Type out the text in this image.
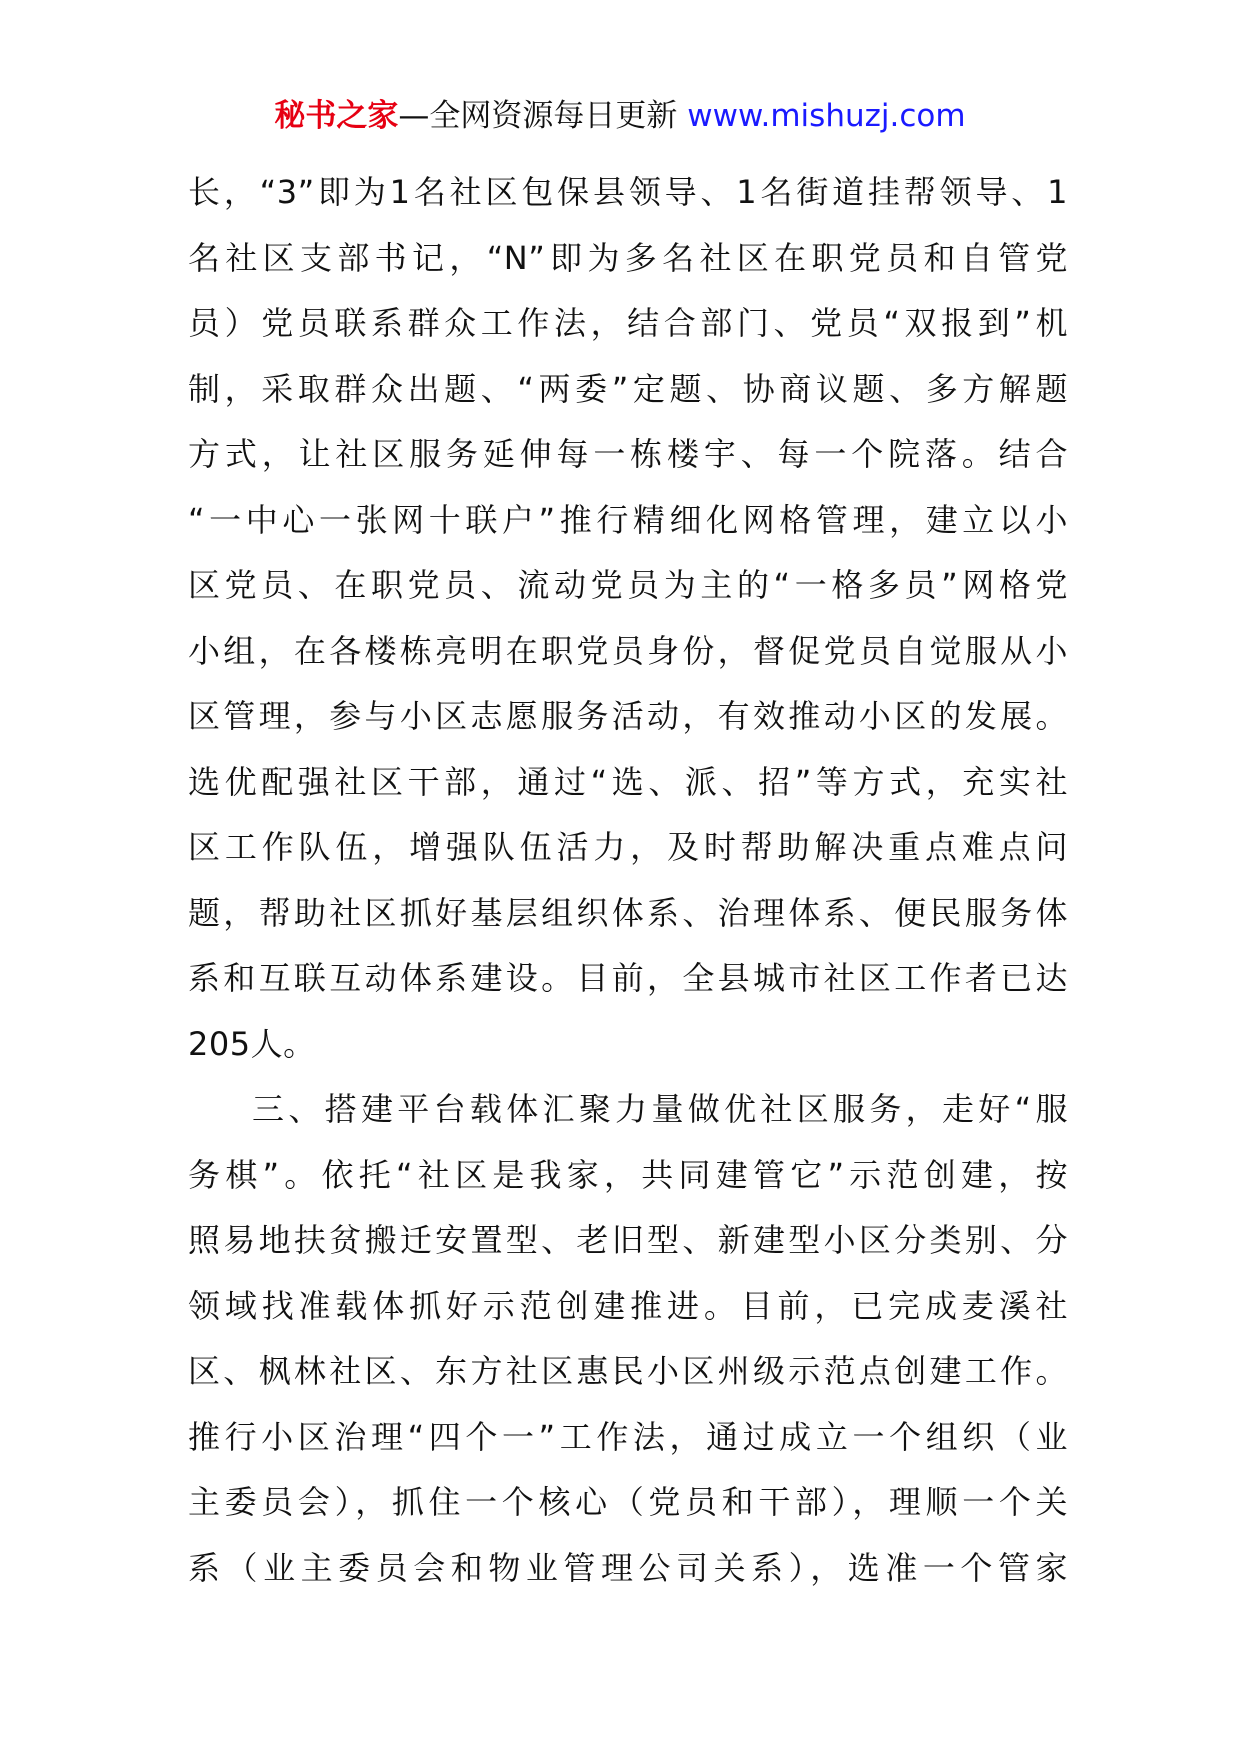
秘书之家—全网资源每日更新 www.mishuzj.com
长，“3”即为1名社区包保县领导、1名街道挂帮领导、1
名社区支部书记，“N”即为多名社区在职党员和自管党
员）党员联系群众工作法，结合部门、党员“双报到”机
制，采取群众出题、“两委”定题、协商议题、多方解题
方式，让社区服务延伸每一栋楼宇、每一个院落。结合
“一中心一张网十联户”推行精细化网格管理，建立以小
区党员、在职党员、流动党员为主的“一格多员”网格党
小组，在各楼栋亮明在职党员身份，督促党员自觉服从小
区管理，参与小区志愿服务活动，有效推动小区的发展。
选优配强社区干部，通过“选、派、招”等方式，充实社
区工作队伍，增强队伍活力，及时帮助解决重点难点问
题，帮助社区抓好基层组织体系、治理体系、便民服务体
系和互联互动体系建设。目前，全县城市社区工作者已达
205人。
三、搭建平台载体汇聚力量做优社区服务，走好“服
务棋”。依托“社区是我家，共同建管它”示范创建，按
照易地扶贫搬迁安置型、老旧型、新建型小区分类别、分
领域找准载体抓好示范创建推进。目前，已完成麦溪社
区、枫林社区、东方社区惠民小区州级示范点创建工作。
推行小区治理“四个一”工作法，通过成立一个组织（业
主委员会），抓住一个核心（党员和干部），理顺一个关
系（业主委员会和物业管理公司关系），选准一个管家
